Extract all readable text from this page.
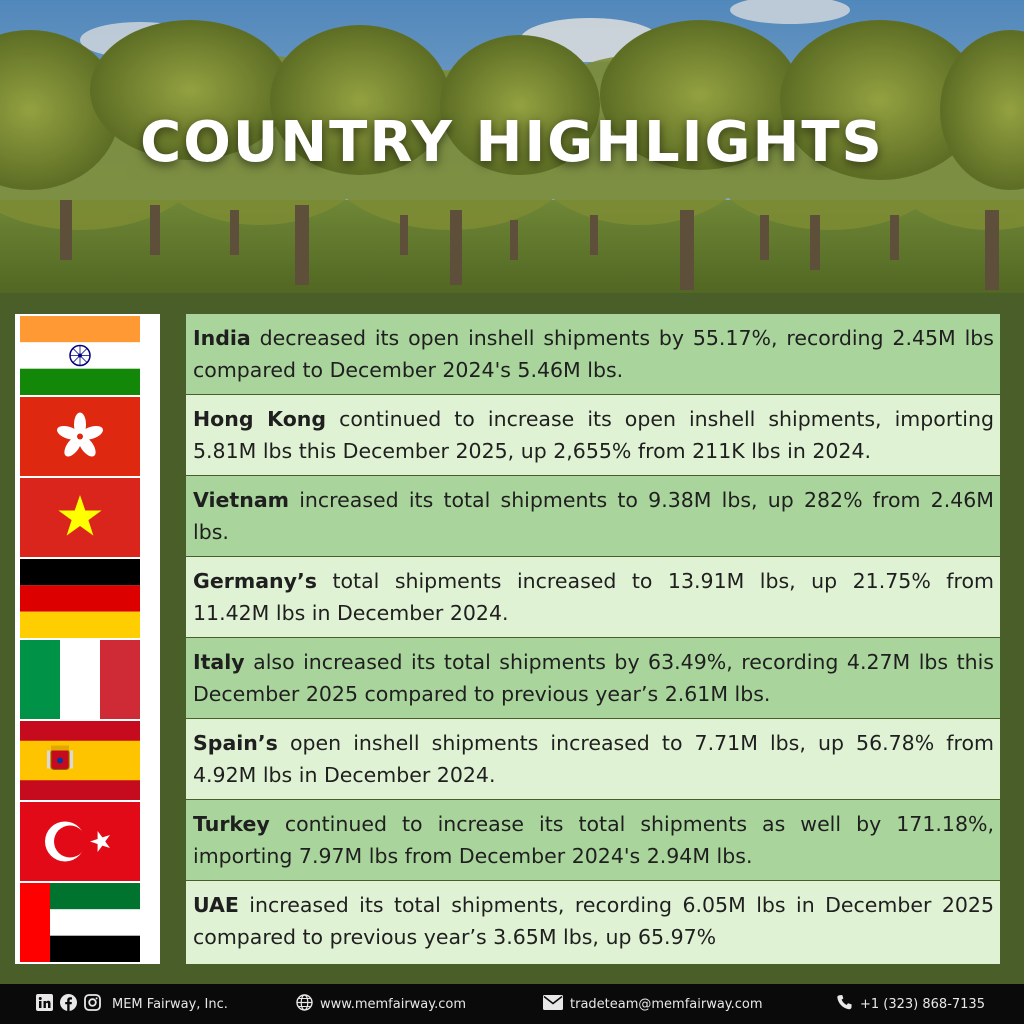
COUNTRY HIGHLIGHTS
India decreased its open inshell shipments by 55.17%, recording 2.45M lbs compared to December 2024's 5.46M lbs.
Hong Kong continued to increase its open inshell shipments, importing 5.81M lbs this December 2025, up 2,655% from 211K lbs in 2024.
Vietnam increased its total shipments to 9.38M lbs, up 282% from 2.46M lbs.
Germany’s total shipments increased to 13.91M lbs, up 21.75% from 11.42M lbs in December 2024.
Italy also increased its total shipments by 63.49%, recording 4.27M lbs this December 2025 compared to previous year’s 2.61M lbs.
Spain’s open inshell shipments increased to 7.71M lbs, up 56.78% from 4.92M lbs in December 2024.
Turkey continued to increase its total shipments as well by 171.18%, importing 7.97M lbs from December 2024's 2.94M lbs.
UAE increased its total shipments, recording 6.05M lbs in December 2025 compared to previous year’s 3.65M lbs, up 65.97%
MEM Fairway, Inc.	www.memfairway.com	tradeteam@memfairway.com	+1 (323) 868-7135
